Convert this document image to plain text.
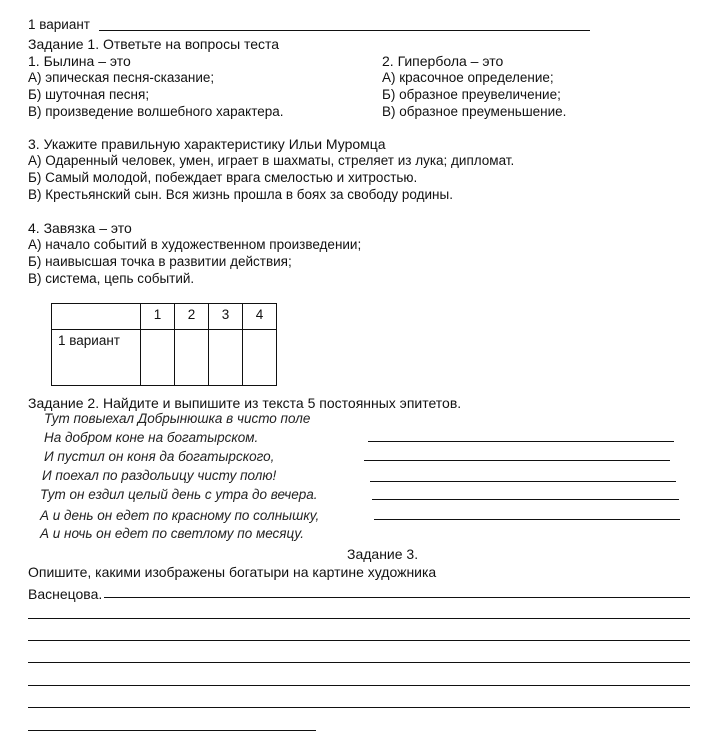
1 вариант
Задание 1. Ответьте на вопросы теста
1. Былина – это
А) эпическая песня-сказание;
Б) шуточная песня;
В) произведение волшебного характера.
2. Гипербола – это
А) красочное определение;
Б) образное преувеличение;
В) образное преуменьшение.
3. Укажите правильную характеристику Ильи Муромца
А) Одаренный человек, умен, играет в шахматы, стреляет из лука; дипломат.
Б) Самый молодой, побеждает врага смелостью и хитростью.
В) Крестьянский сын. Вся жизнь прошла в боях за свободу родины.
4. Завязка – это
А) начало событий в художественном произведении;
Б) наивысшая точка в развитии действия;
В) система, цепь событий.
	1	2	3	4
1 вариант				
Задание 2. Найдите и выпишите из текста 5 постоянных эпитетов.
Тут повыехал Добрынюшка в чисто поле
На добром коне на богатырском.
И пустил он коня да богатырского,
И поехал по раздольицу чисту полю!
Тут он ездил целый день с утра до вечера.
А и день он едет по красному по солнышку,
А и ночь он едет по светлому по месяцу.
Задание 3.
Опишите, какими изображены богатыри на картине художника
Васнецова.
